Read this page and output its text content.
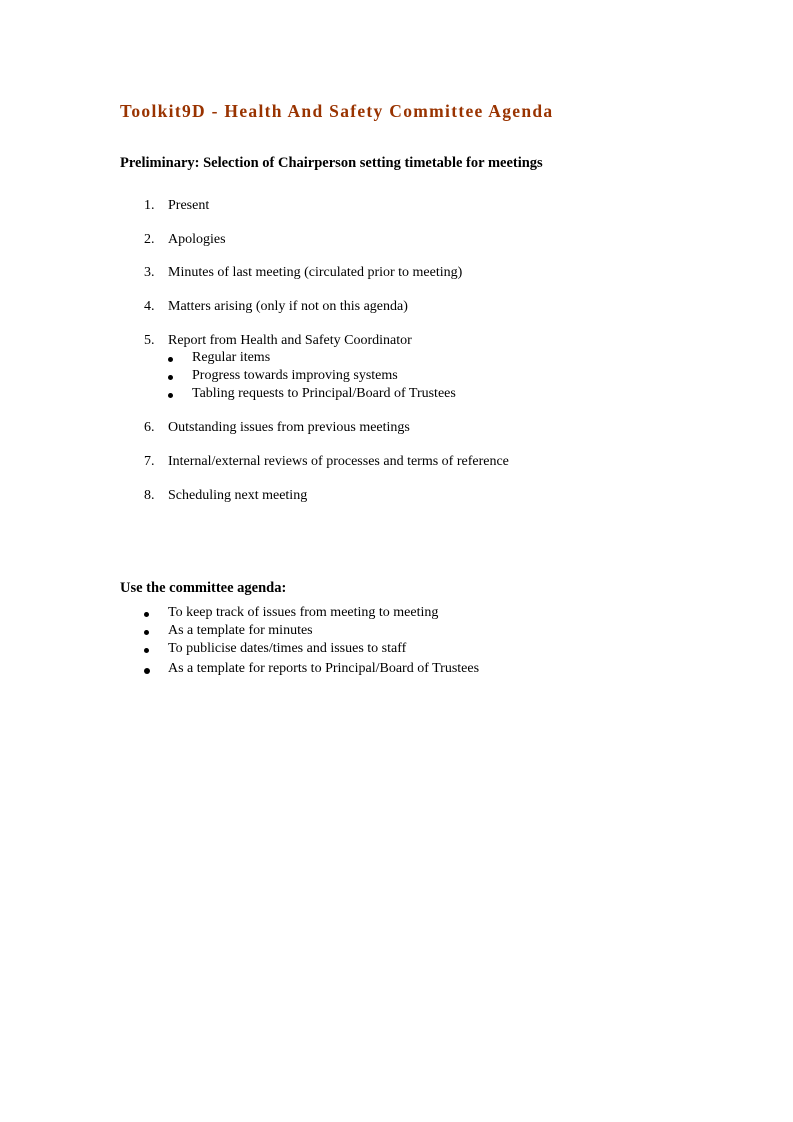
Toolkit9D - Health And Safety Committee Agenda

Preliminary: Selection of Chairperson setting timetable for meetings

1. Present
2. Apologies
3. Minutes of last meeting (circulated prior to meeting)
4. Matters arising (only if not on this agenda)
5. Report from Health and Safety Coordinator
6. Outstanding issues from previous meetings
7. Internal/external reviews of processes and terms of reference
8. Scheduling next meeting
Regular items
Progress towards improving systems
Tabling requests to Principal/Board of Trustees

Use the committee agenda:

To keep track of issues from meeting to meeting
As a template for minutes
To publicise dates/times and issues to staff
As a template for reports to Principal/Board of Trustees
